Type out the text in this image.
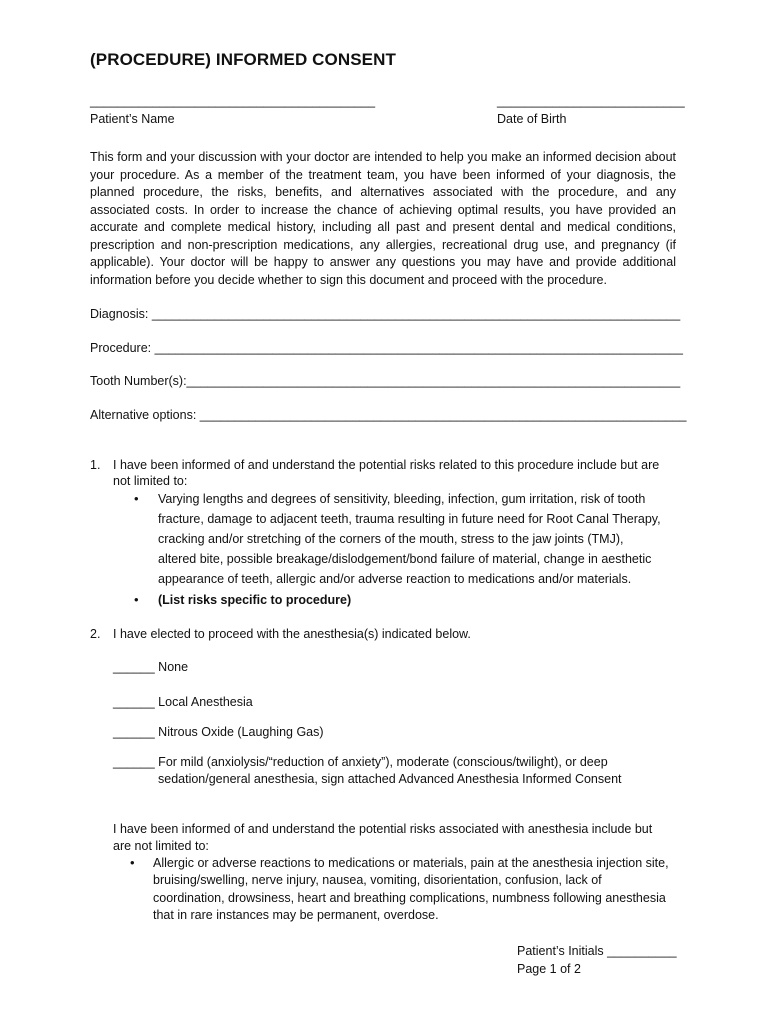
(PROCEDURE) INFORMED CONSENT
_________________________________________
Patient’s Name
___________________________
Date of Birth
This form and your discussion with your doctor are intended to help you make an informed decision about your procedure. As a member of the treatment team, you have been informed of your diagnosis, the planned procedure, the risks, benefits, and alternatives associated with the procedure, and any associated costs. In order to increase the chance of achieving optimal results, you have provided an accurate and complete medical history, including all past and present dental and medical conditions, prescription and non-prescription medications, any allergies, recreational drug use, and pregnancy (if applicable). Your doctor will be happy to answer any questions you may have and provide additional information before you decide whether to sign this document and proceed with the procedure.
Diagnosis: ____________________________________________________________________________
Procedure: ____________________________________________________________________________
Tooth Number(s):_______________________________________________________________________
Alternative options: ______________________________________________________________________
1. I have been informed of and understand the potential risks related to this procedure include but are
not limited to:
• Varying lengths and degrees of sensitivity, bleeding, infection, gum irritation, risk of tooth
fracture, damage to adjacent teeth, trauma resulting in future need for Root Canal Therapy,
cracking and/or stretching of the corners of the mouth, stress to the jaw joints (TMJ),
altered bite, possible breakage/dislodgement/bond failure of material, change in aesthetic
appearance of teeth, allergic and/or adverse reaction to medications and/or materials.
• (List risks specific to procedure)
2. I have elected to proceed with the anesthesia(s) indicated below.
______ None
______ Local Anesthesia
______ Nitrous Oxide (Laughing Gas)
______ For mild (anxiolysis/“reduction of anxiety”), moderate (conscious/twilight), or deep
sedation/general anesthesia, sign attached Advanced Anesthesia Informed Consent
I have been informed of and understand the potential risks associated with anesthesia include but
are not limited to:
• Allergic or adverse reactions to medications or materials, pain at the anesthesia injection site,
bruising/swelling, nerve injury, nausea, vomiting, disorientation, confusion, lack of
coordination, drowsiness, heart and breathing complications, numbness following anesthesia
that in rare instances may be permanent, overdose.
Patient’s Initials __________
Page 1 of 2
